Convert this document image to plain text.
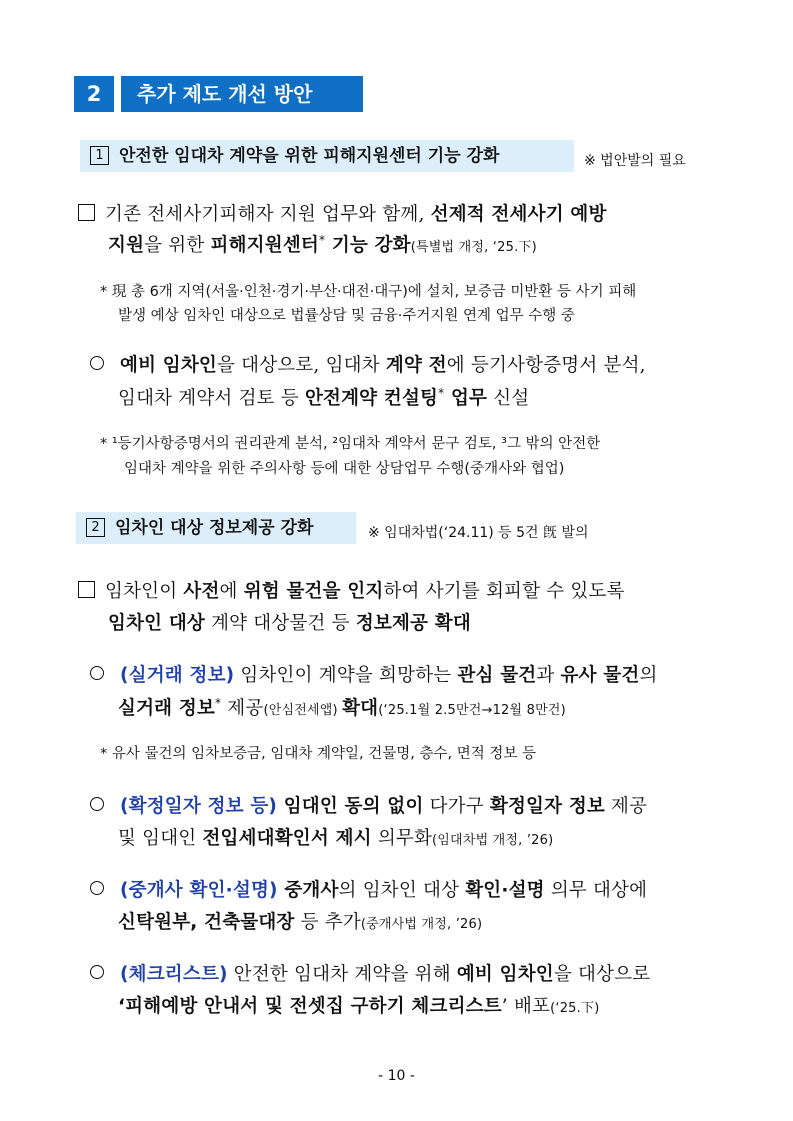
2	추가 제도 개선 방안
1 안전한 임대차 계약을 위한 피해지원센터 기능 강화	※ 법안발의 필요
기존 전세사기피해자 지원 업무와 함께, 선제적 전세사기 예방
지원을 위한 피해지원센터* 기능 강화(특별법 개정, ‘25.下)
* 現 총 6개 지역(서울·인천·경기·부산·대전·대구)에 설치, 보증금 미반환 등 사기 피해
발생 예상 임차인 대상으로 법률상담 및 금융·주거지원 연계 업무 수행 중
예비 임차인을 대상으로, 임대차 계약 전에 등기사항증명서 분석,
임대차 계약서 검토 등 안전계약 컨설팅* 업무 신설
* ¹등기사항증명서의 권리관계 분석, ²임대차 계약서 문구 검토, ³그 밖의 안전한
임대차 계약을 위한 주의사항 등에 대한 상담업무 수행(중개사와 협업)
2 임차인 대상 정보제공 강화	※ 임대차법(‘24.11) 등 5건 旣 발의
임차인이 사전에 위험 물건을 인지하여 사기를 회피할 수 있도록
임차인 대상 계약 대상물건 등 정보제공 확대
(실거래 정보) 임차인이 계약을 희망하는 관심 물건과 유사 물건의
실거래 정보* 제공(안심전세앱) 확대(‘25.1월 2.5만건→12월 8만건)
* 유사 물건의 임차보증금, 임대차 계약일, 건물명, 층수, 면적 정보 등
(확정일자 정보 등) 임대인 동의 없이 다가구 확정일자 정보 제공
및 임대인 전입세대확인서 제시 의무화(임대차법 개정, ’26)
(중개사 확인·설명) 중개사의 임차인 대상 확인·설명 의무 대상에
신탁원부, 건축물대장 등 추가(중개사법 개정, ’26)
(체크리스트) 안전한 임대차 계약을 위해 예비 임차인을 대상으로
‘피해예방 안내서 및 전셋집 구하기 체크리스트’ 배포(‘25.下)
- 10 -
